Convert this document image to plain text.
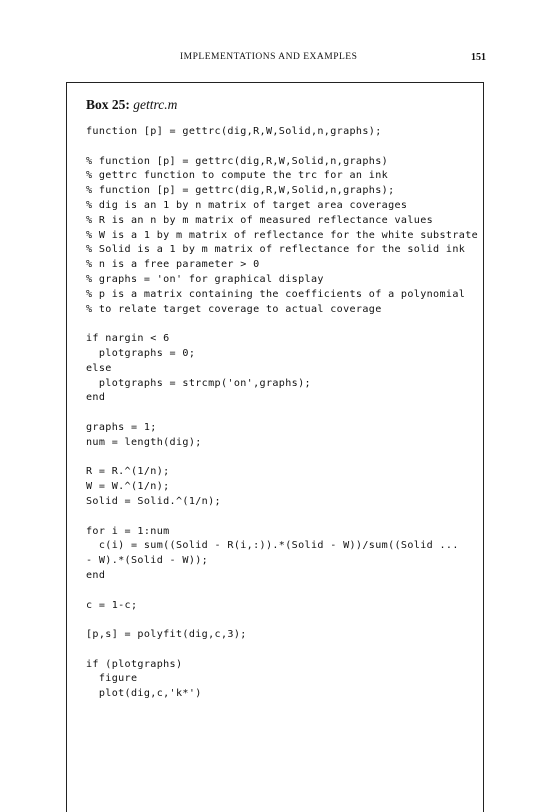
IMPLEMENTATIONS AND EXAMPLES	151
Box 25: gettrc.m
function [p] = gettrc(dig,R,W,Solid,n,graphs);
% function [p] = gettrc(dig,R,W,Solid,n,graphs)
% gettrc function to compute the trc for an ink
% function [p] = gettrc(dig,R,W,Solid,n,graphs);
% dig is an 1 by n matrix of target area coverages
% R is an n by m matrix of measured reflectance values
% W is a 1 by m matrix of reflectance for the white substrate
% Solid is a 1 by m matrix of reflectance for the solid ink
% n is a free parameter > 0
% graphs = 'on' for graphical display
% p is a matrix containing the coefficients of a polynomial
% to relate target coverage to actual coverage
if nargin < 6
plotgraphs = 0;
else
plotgraphs = strcmp('on',graphs);
end
graphs = 1;
num = length(dig);
R = R.^(1/n);
W = W.^(1/n);
Solid = Solid.^(1/n);
for i = 1:num
c(i) = sum((Solid - R(i,:)).*(Solid - W))/sum((Solid ...
- W).*(Solid - W));
end
c = 1-c;
[p,s] = polyfit(dig,c,3);
if (plotgraphs)
figure
plot(dig,c,'k*')
